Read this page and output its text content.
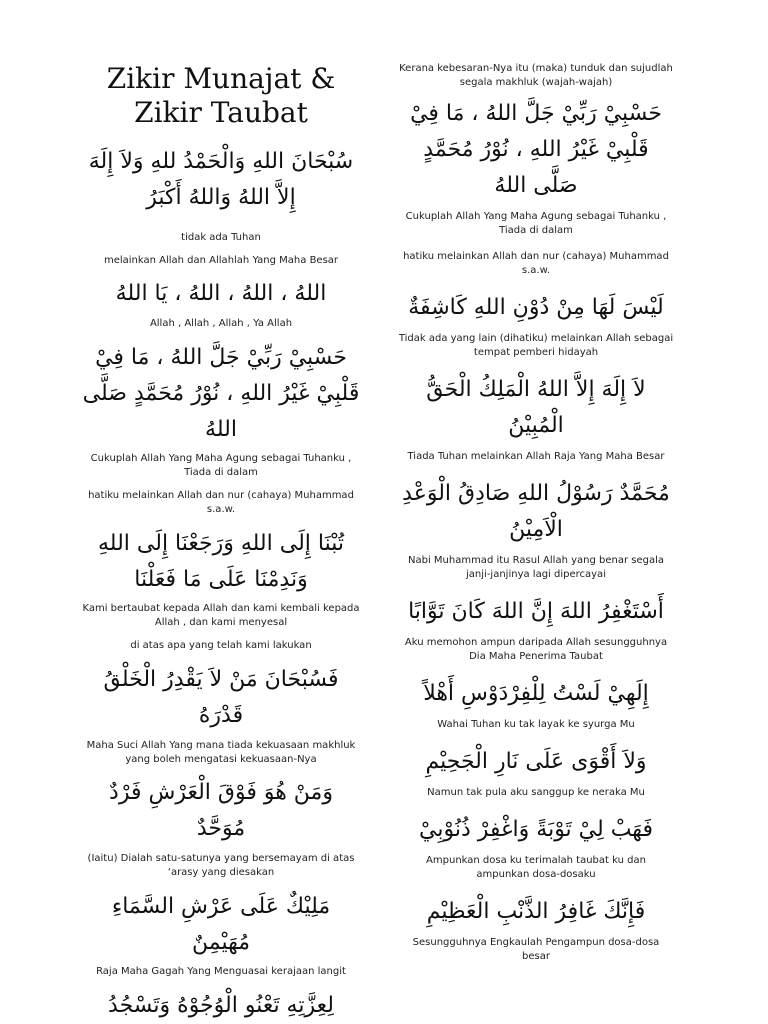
Zikir Munajat & Zikir Taubat
سُبْحَانَ اللهِ وَالْحَمْدُ للهِ وَلاَ إِلَهَ إِلاَّ اللهُ وَاللهُ أَكْبَرُ
tidak ada Tuhan
melainkan Allah dan Allahlah Yang Maha Besar
اللهُ ، اللهُ ، اللهُ ، يَا اللهُ
Allah , Allah , Allah , Ya Allah
حَسْبِيْ رَبِّيْ جَلَّ اللهُ ، مَا فِيْ قَلْبِيْ غَيْرُ اللهِ ، نُوْرُ مُحَمَّدٍ صَلَّى اللهُ
Cukuplah Allah Yang Maha Agung sebagai Tuhanku , Tiada di dalam
hatiku melainkan Allah dan nur (cahaya) Muhammad s.a.w.
تُبْنَا إِلَى اللهِ وَرَجَعْنَا إِلَى اللهِ وَنَدِمْنَا عَلَى مَا فَعَلْنَا
Kami bertaubat kepada Allah dan kami kembali kepada Allah , dan kami menyesal
di atas apa yang telah kami lakukan
فَسُبْحَانَ مَنْ لاَ يَقْدِرُ الْخَلْقُ قَدْرَهُ
Maha Suci Allah Yang mana tiada kekuasaan makhluk yang boleh mengatasi kekuasaan-Nya
وَمَنْ هُوَ فَوْقَ الْعَرْشِ فَرْدٌ مُوَحَّدٌ
(Iaitu) Dialah satu-satunya yang bersemayam di atas ‘arasy yang diesakan
مَلِيْكٌ عَلَى عَرْشِ السَّمَاءِ مُهَيْمِنٌ
Raja Maha Gagah Yang Menguasai kerajaan langit
لِعِزَّتِهِ تَعْنُو الْوُجُوْهُ وَتَسْجُدُ
Kerana kebesaran-Nya itu (maka) tunduk dan sujudlah segala makhluk (wajah-wajah)
حَسْبِيْ رَبِّيْ جَلَّ اللهُ ، مَا فِيْ قَلْبِيْ غَيْرُ اللهِ ، نُوْرُ مُحَمَّدٍ صَلَّى اللهُ
Cukuplah Allah Yang Maha Agung sebagai Tuhanku , Tiada di dalam
hatiku melainkan Allah dan nur (cahaya) Muhammad s.a.w.
لَيْسَ لَهَا مِنْ دُوْنِ اللهِ كَاشِفَةٌ
Tidak ada yang lain (dihatiku) melainkan Allah sebagai tempat pemberi hidayah
لاَ إِلَهَ إِلاَّ اللهُ الْمَلِكُ الْحَقُّ الْمُبِيْنُ
Tiada Tuhan melainkan Allah Raja Yang Maha Besar
مُحَمَّدٌ رَسُوْلُ اللهِ صَادِقُ الْوَعْدِ الْاَمِيْنُ
Nabi Muhammad itu Rasul Allah yang benar segala janji-janjinya lagi dipercayai
أَسْتَغْفِرُ اللهَ إِنَّ اللهَ كَانَ تَوَّابًا
Aku memohon ampun daripada Allah sesungguhnya Dia Maha Penerima Taubat
إِلَهِيْ لَسْتُ لِلْفِرْدَوْسِ أَهْلاً
Wahai Tuhan ku tak layak ke syurga Mu
وَلاَ أَقْوَى عَلَى نَارِ الْجَحِيْمِ
Namun tak pula aku sanggup ke neraka Mu
فَهَبْ لِيْ تَوْبَةً وَاغْفِرْ ذُنُوْبِيْ
Ampunkan dosa ku terimalah taubat ku dan ampunkan dosa-dosaku
فَإِنَّكَ غَافِرُ الذَّنْبِ الْعَظِيْمِ
Sesungguhnya Engkaulah Pengampun dosa-dosa besar
